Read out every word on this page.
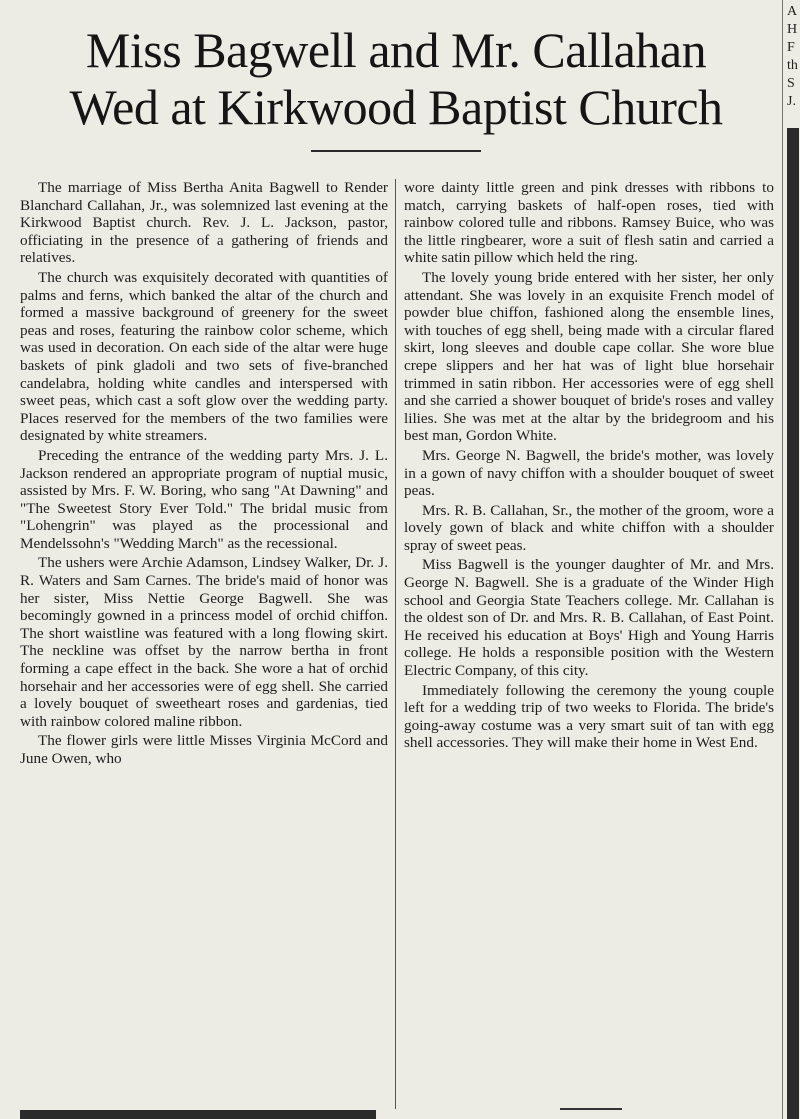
Miss Bagwell and Mr. Callahan
Wed at Kirkwood Baptist Church

The marriage of Miss Bertha Anita Bagwell to Render Blanchard Callahan, Jr., was solemnized last evening at the Kirkwood Baptist church. Rev. J. L. Jackson, pastor, officiating in the presence of a gathering of friends and relatives.

The church was exquisitely decorated with quantities of palms and ferns, which banked the altar of the church and formed a massive background of greenery for the sweet peas and roses, featuring the rainbow color scheme, which was used in decoration. On each side of the altar were huge baskets of pink gladoli and two sets of five-branched candelabra, holding white candles and interspersed with sweet peas, which cast a soft glow over the wedding party. Places reserved for the members of the two families were designated by white streamers.

Preceding the entrance of the wedding party Mrs. J. L. Jackson rendered an appropriate program of nuptial music, assisted by Mrs. F. W. Boring, who sang "At Dawning" and "The Sweetest Story Ever Told." The bridal music from "Lohengrin" was played as the processional and Mendelssohn's "Wedding March" as the recessional.

The ushers were Archie Adamson, Lindsey Walker, Dr. J. R. Waters and Sam Carnes. The bride's maid of honor was her sister, Miss Nettie George Bagwell. She was becomingly gowned in a princess model of orchid chiffon. The short waistline was featured with a long flowing skirt. The neckline was offset by the narrow bertha in front forming a cape effect in the back. She wore a hat of orchid horsehair and her accessories were of egg shell. She carried a lovely bouquet of sweetheart roses and gardenias, tied with rainbow colored maline ribbon.

The flower girls were little Misses Virginia McCord and June Owen, who

wore dainty little green and pink dresses with ribbons to match, carrying baskets of half-open roses, tied with rainbow colored tulle and ribbons. Ramsey Buice, who was the little ringbearer, wore a suit of flesh satin and carried a white satin pillow which held the ring.

The lovely young bride entered with her sister, her only attendant. She was lovely in an exquisite French model of powder blue chiffon, fashioned along the ensemble lines, with touches of egg shell, being made with a circular flared skirt, long sleeves and double cape collar. She wore blue crepe slippers and her hat was of light blue horsehair trimmed in satin ribbon. Her accessories were of egg shell and she carried a shower bouquet of bride's roses and valley lilies. She was met at the altar by the bridegroom and his best man, Gordon White.

Mrs. George N. Bagwell, the bride's mother, was lovely in a gown of navy chiffon with a shoulder bouquet of sweet peas.

Mrs. R. B. Callahan, Sr., the mother of the groom, wore a lovely gown of black and white chiffon with a shoulder spray of sweet peas.

Miss Bagwell is the younger daughter of Mr. and Mrs. George N. Bagwell. She is a graduate of the Winder High school and Georgia State Teachers college. Mr. Callahan is the oldest son of Dr. and Mrs. R. B. Callahan, of East Point. He received his education at Boys' High and Young Harris college. He holds a responsible position with the Western Electric Company, of this city.

Immediately following the ceremony the young couple left for a wedding trip of two weeks to Florida. The bride's going-away costume was a very smart suit of tan with egg shell accessories. They will make their home in West End.

A
H
F
th
S
J.
